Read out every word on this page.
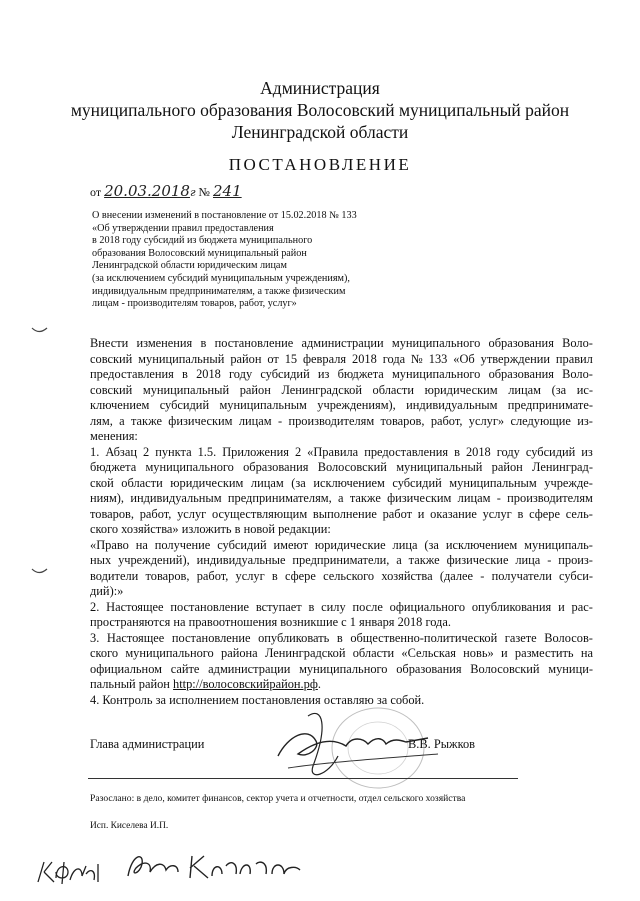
Администрация
муниципального образования Волосовский муниципальный район
Ленинградской области
ПОСТАНОВЛЕНИЕ
от 20.03.2018г № 241
О внесении изменений в постановление от 15.02.2018 № 133
«Об утверждении правил предоставления
в 2018 году субсидий из бюджета муниципального
образования Волосовский муниципальный район
Ленинградской области юридическим лицам
(за исключением субсидий муниципальным учреждениям),
индивидуальным предпринимателям, а также физическим
лицам - производителям товаров, работ, услуг»
Внести изменения в постановление администрации муниципального образования Воло-
совский муниципальный район от 15 февраля 2018 года № 133 «Об утверждении правил
предоставления в 2018 году субсидий из бюджета муниципального образования Воло-
совский муниципальный район Ленинградской области юридическим лицам (за ис-
ключением субсидий муниципальным учреждениям), индивидуальным предпринимате-
лям, а также физическим лицам - производителям товаров, работ, услуг» следующие из-
менения:
1. Абзац 2 пункта 1.5. Приложения 2 «Правила предоставления в 2018 году субсидий из
бюджета муниципального образования Волосовский муниципальный район Ленинград-
ской области юридическим лицам (за исключением субсидий муниципальным учрежде-
ниям), индивидуальным предпринимателям, а также физическим лицам - производителям
товаров, работ, услуг осуществляющим выполнение работ и оказание услуг в сфере сель-
ского хозяйства» изложить в новой редакции:
«Право на получение субсидий имеют юридические лица (за исключением муниципаль-
ных учреждений), индивидуальные предприниматели, а также физические лица - произ-
водители товаров, работ, услуг в сфере сельского хозяйства (далее - получатели субси-
дий):»
2. Настоящее постановление вступает в силу после официального опубликования и рас-
пространяются на правоотношения возникшие с 1 января 2018 года.
3. Настоящее постановление опубликовать в общественно-политической газете Волосов-
ского муниципального района Ленинградской области «Сельская новь» и разместить на
официальном сайте администрации муниципального образования Волосовский муници-
пальный район http://волосовскийрайон.рф.
4. Контроль за исполнением постановления оставляю за собой.
Глава администрации	В.В. Рыжков
Разослано: в дело, комитет финансов, сектор учета и отчетности, отдел сельского хозяйства
Исп. Киселева И.П.
